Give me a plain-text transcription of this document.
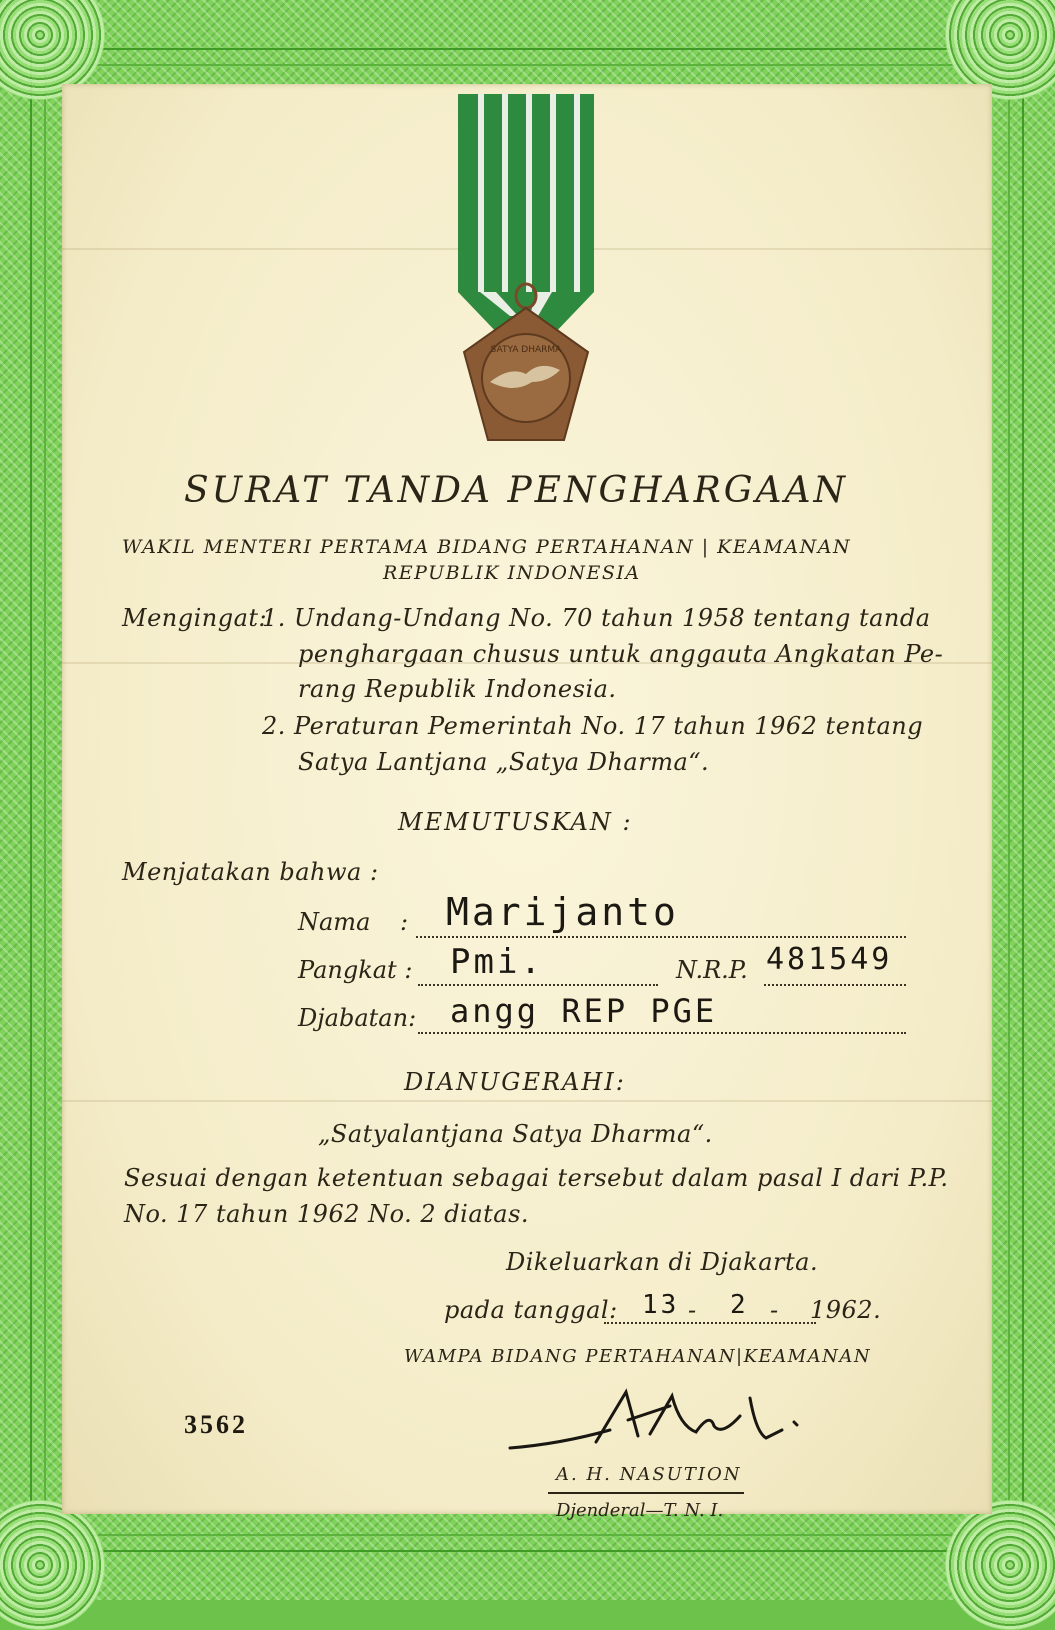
SATYA DHARMA
SURAT TANDA PENGHARGAAN
WAKIL MENTERI PERTAMA BIDANG PERTAHANAN | KEAMANAN
REPUBLIK INDONESIA
Mengingat:
1. Undang-Undang No. 70 tahun 1958 tentang tanda
penghargaan chusus untuk anggauta Angkatan Pe-
rang Republik Indonesia.
2. Peraturan Pemerintah No. 17 tahun 1962 tentang
Satya Lantjana „Satya Dharma“.
MEMUTUSKAN :
Menjatakan bahwa :
Nama : Marijanto
Pangkat : Pmi.	N.R.P. 481549
Djabatan: angg REP PGE
DIANUGERAHI:
„Satyalantjana Satya Dharma“.
Sesuai dengan ketentuan sebagai tersebut dalam pasal I dari P.P.
No. 17 tahun 1962 No. 2 diatas.
Dikeluarkan di Djakarta.
pada tanggal: 13 - 2 - 1962.
WAMPA BIDANG PERTAHANAN|KEAMANAN
3562
A. H. NASUTION
Djenderal—T. N. I.
